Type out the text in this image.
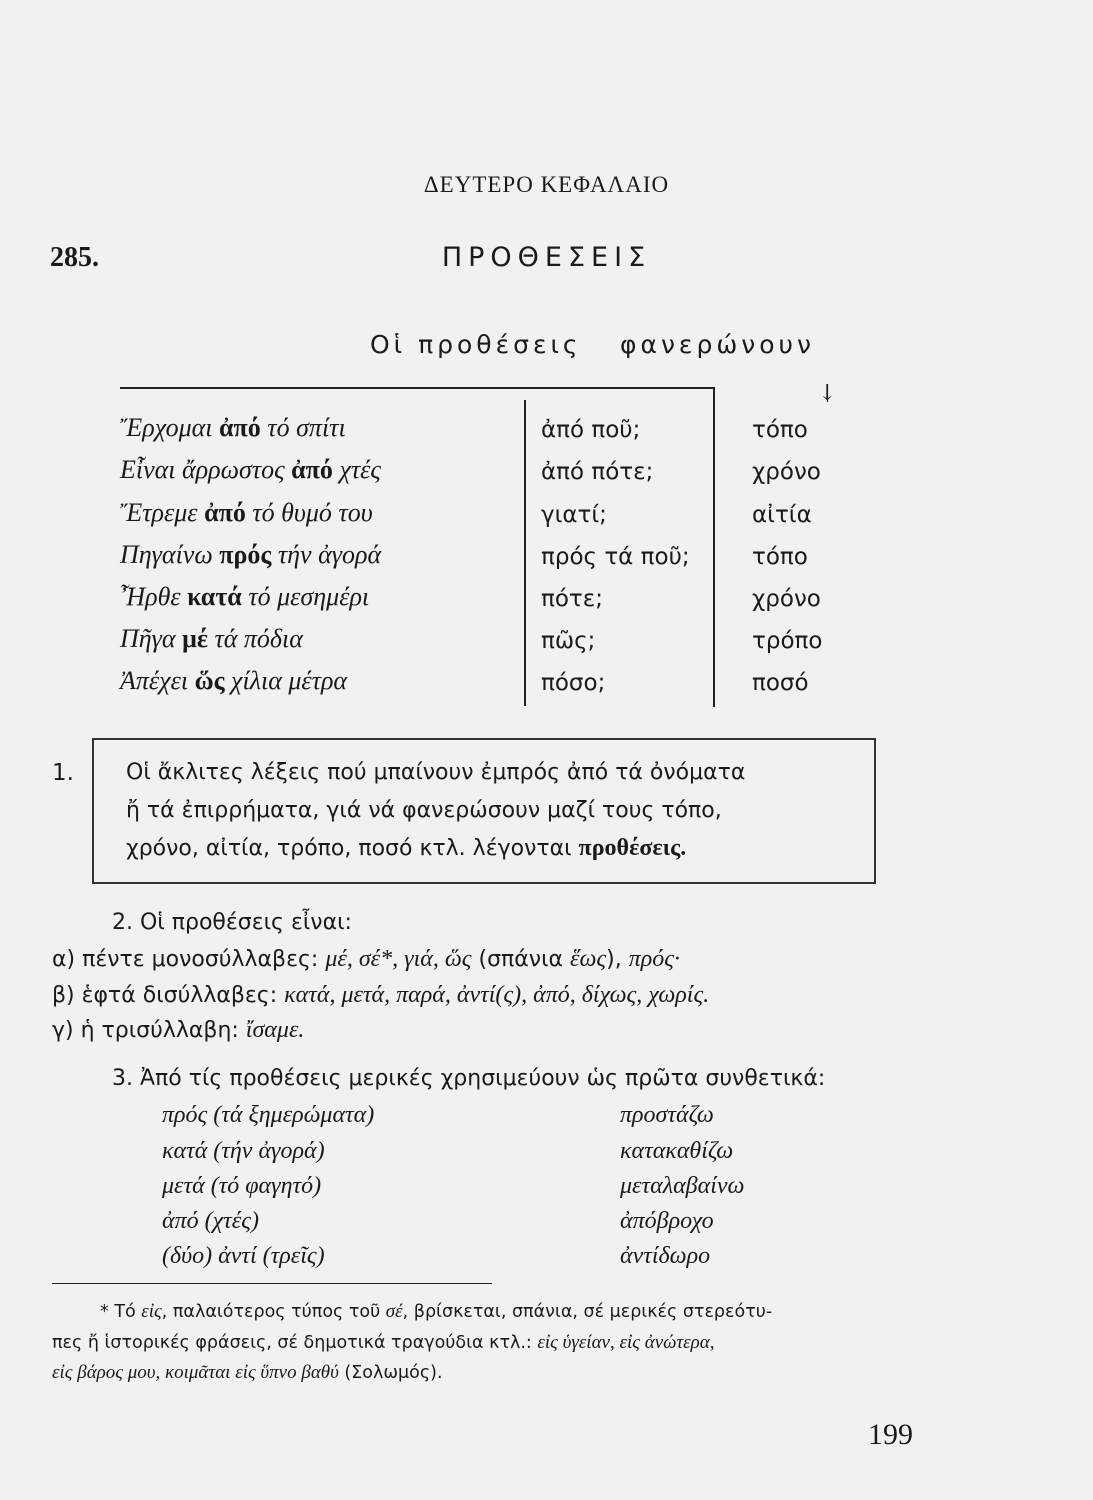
ΔΕΥΤΕΡΟ ΚΕΦΑΛΑΙΟ
285.	ΠΡΟΘΕΣΕΙΣ
Οἱ προθέσεις φανερώνουν
↓
Ἔρχομαι ἀπό τό σπίτι	ἀπό ποῦ;	τόπο
Εἶναι ἄρρωστος ἀπό χτές	ἀπό πότε;	χρόνο
Ἔτρεμε ἀπό τό θυμό του	γιατί;	αἰτία
Πηγαίνω πρός τήν ἀγορά	πρός τά ποῦ;	τόπο
Ἦρθε κατά τό μεσημέρι	πότε;	χρόνο
Πῆγα μέ τά πόδια	πῶς;	τρόπο
Ἀπέχει ὥς χίλια μέτρα	πόσο;	ποσό
1. Οἱ ἄκλιτες λέξεις πού μπαίνουν ἐμπρός ἀπό τά ὀνόματα
ἤ τά ἐπιρρήματα, γιά νά φανερώσουν μαζί τους τόπο,
χρόνο, αἰτία, τρόπο, ποσό κτλ. λέγονται προθέσεις.
2. Οἱ προθέσεις εἶναι:
α) πέντε μονοσύλλαβες: μέ, σέ*, γιά, ὥς (σπάνια ἕως), πρός·
β) ἑφτά δισύλλαβες: κατά, μετά, παρά, ἀντί(ς), ἀπό, δίχως, χωρίς.
γ) ἡ τρισύλλαβη: ἴσαμε.
3. Ἀπό τίς προθέσεις μερικές χρησιμεύουν ὡς πρῶτα συνθετικά:
πρός (τά ξημερώματα)	προστάζω
κατά (τήν ἀγορά)	κατακαθίζω
μετά (τό φαγητό)	μεταλαβαίνω
ἀπό (χτές)	ἀπόβροχο
(δύο) ἀντί (τρεῖς)	ἀντίδωρο
* Τό εἰς, παλαιότερος τύπος τοῦ σέ, βρίσκεται, σπάνια, σέ μερικές στερεότυ-
πες ἤ ἱστορικές φράσεις, σέ δημοτικά τραγούδια κτλ.: εἰς ὑγείαν, εἰς ἀνώτερα,
εἰς βάρος μου, κοιμᾶται εἰς ὕπνο βαθύ (Σολωμός).
199
